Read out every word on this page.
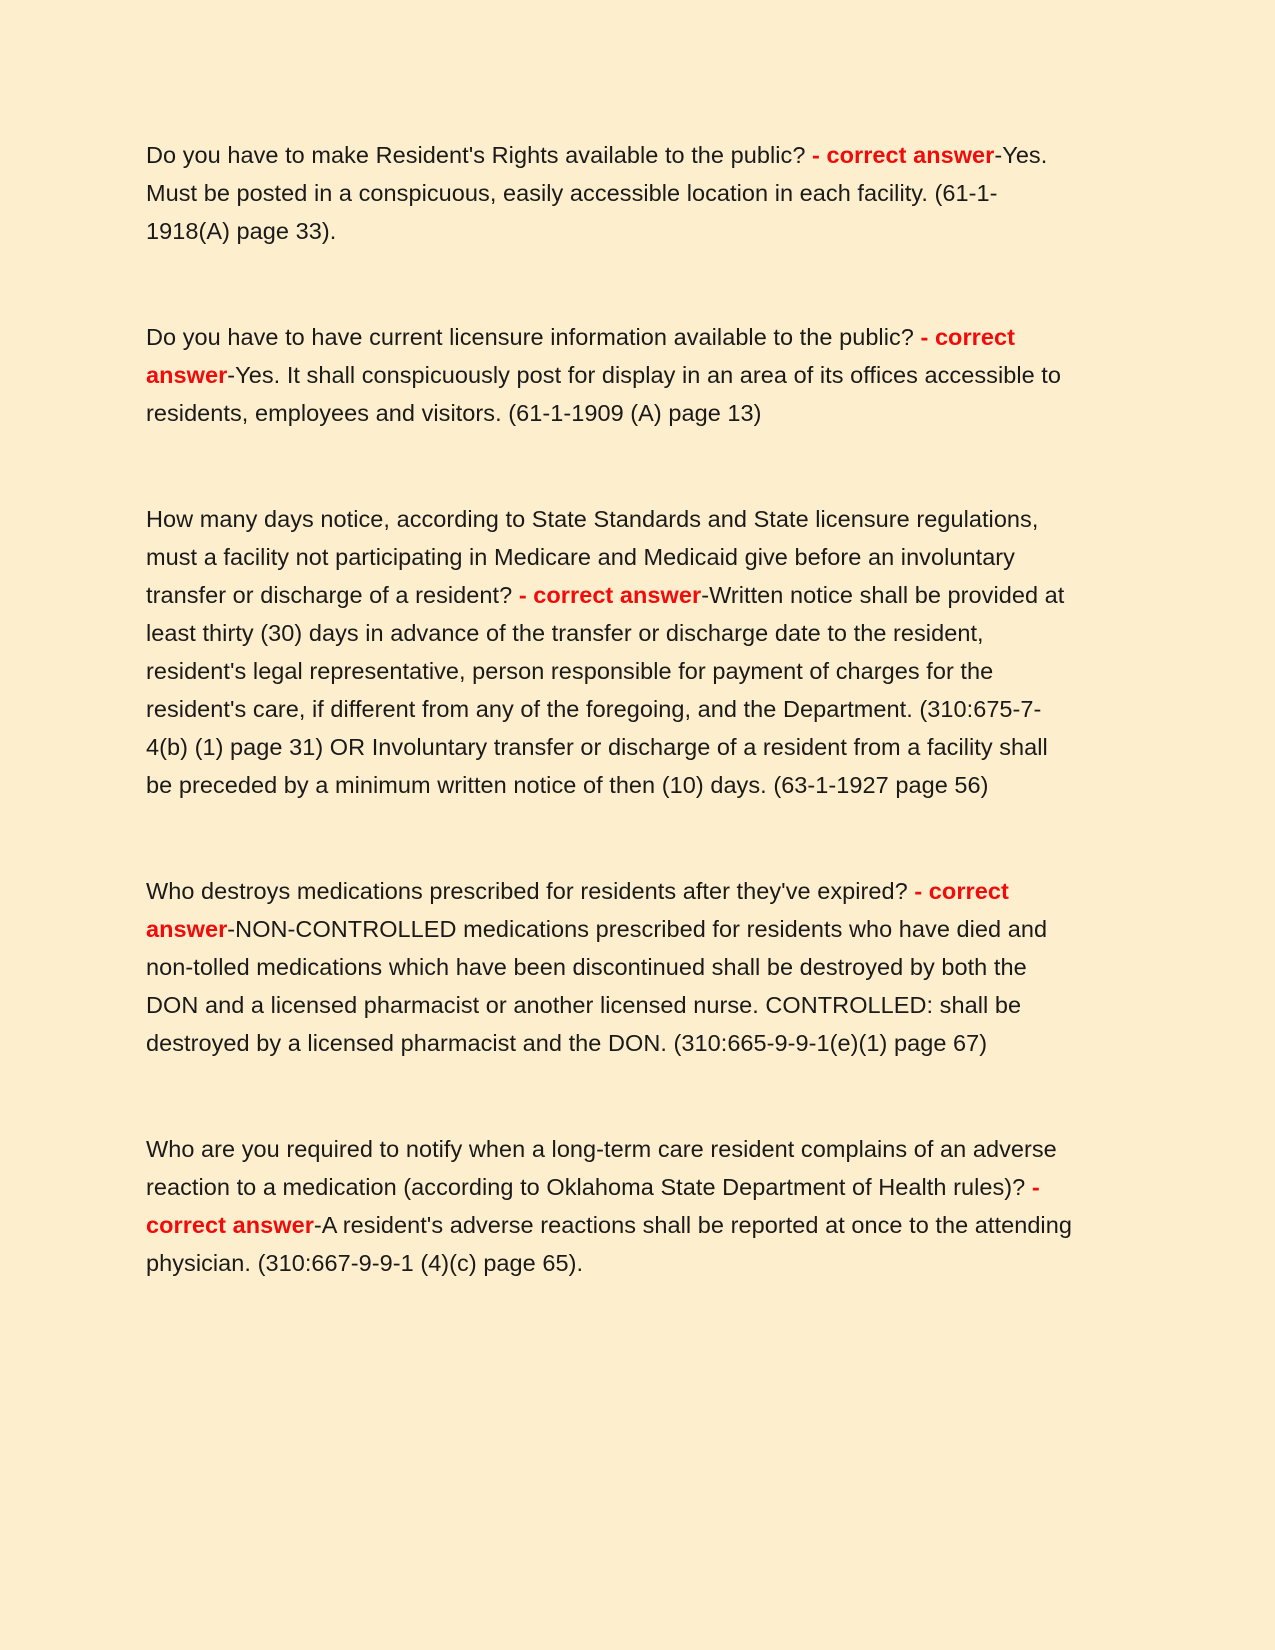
Do you have to make Resident's Rights available to the public? - correct answer-Yes. Must be posted in a conspicuous, easily accessible location in each facility. (61-1-1918(A) page 33).

Do you have to have current licensure information available to the public? - correct answer-Yes. It shall conspicuously post for display in an area of its offices accessible to residents, employees and visitors. (61-1-1909 (A) page 13)

How many days notice, according to State Standards and State licensure regulations, must a facility not participating in Medicare and Medicaid give before an involuntary transfer or discharge of a resident? - correct answer-Written notice shall be provided at least thirty (30) days in advance of the transfer or discharge date to the resident, resident's legal representative, person responsible for payment of charges for the resident's care, if different from any of the foregoing, and the Department. (310:675-7-4(b) (1) page 31) OR Involuntary transfer or discharge of a resident from a facility shall be preceded by a minimum written notice of then (10) days. (63-1-1927 page 56)

Who destroys medications prescribed for residents after they've expired? - correct answer-NON-CONTROLLED medications prescribed for residents who have died and non-tolled medications which have been discontinued shall be destroyed by both the DON and a licensed pharmacist or another licensed nurse. CONTROLLED: shall be destroyed by a licensed pharmacist and the DON. (310:665-9-9-1(e)(1) page 67)

Who are you required to notify when a long-term care resident complains of an adverse reaction to a medication (according to Oklahoma State Department of Health rules)? - correct answer-A resident's adverse reactions shall be reported at once to the attending physician. (310:667-9-9-1 (4)(c) page 65).
